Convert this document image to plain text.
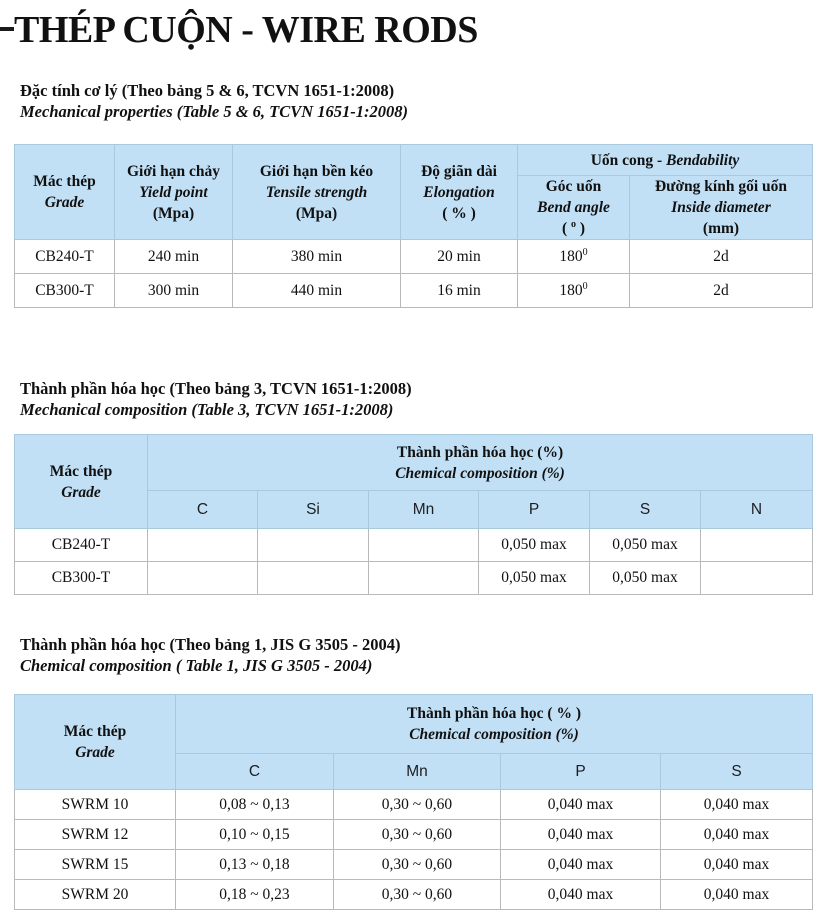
THÉP CUỘN - WIRE RODS
Đặc tính cơ lý (Theo bảng 5 & 6, TCVN 1651-1:2008)
Mechanical properties (Table 5 & 6, TCVN 1651-1:2008)
Mác thép
Grade	Giới hạn chảy
Yield point
(Mpa)	Giới hạn bền kéo
Tensile strength
(Mpa)	Độ giãn dài
Elongation
( % )	Uốn cong - Bendability	

				Góc uốn
Bend angle
( $^o$ )	Đường kính gối uốn
Inside diameter
(mm)

CB240-T	240 min	380 min	20 min	$180^0$	2d

CB300-T	300 min	440 min	16 min	$180^0$	2d
Thành phần hóa học (Theo bảng 3, TCVN 1651-1:2008)
Mechanical composition (Table 3, TCVN 1651-1:2008)
Mác thép
Grade	Thành phần hóa học (%)
Chemical composition (%)					

	C	Si	Mn	P	S	N

CB240-T				0,050 max	0,050 max	

CB300-T				0,050 max	0,050 max	

Thành phần hóa học (Theo bảng 1, JIS G 3505 - 2004)
Chemical composition ( Table 1, JIS G 3505 - 2004)
Mác thép
Grade	Thành phần hóa học ( % )
Chemical composition (%)			

	C	Mn	P	S

SWRM 10	0,08 ~ 0,13	0,30 ~ 0,60	0,040 max	0,040 max

SWRM 12	0,10 ~ 0,15	0,30 ~ 0,60	0,040 max	0,040 max

SWRM 15	0,13 ~ 0,18	0,30 ~ 0,60	0,040 max	0,040 max

SWRM 20	0,18 ~ 0,23	0,30 ~ 0,60	0,040 max	0,040 max
